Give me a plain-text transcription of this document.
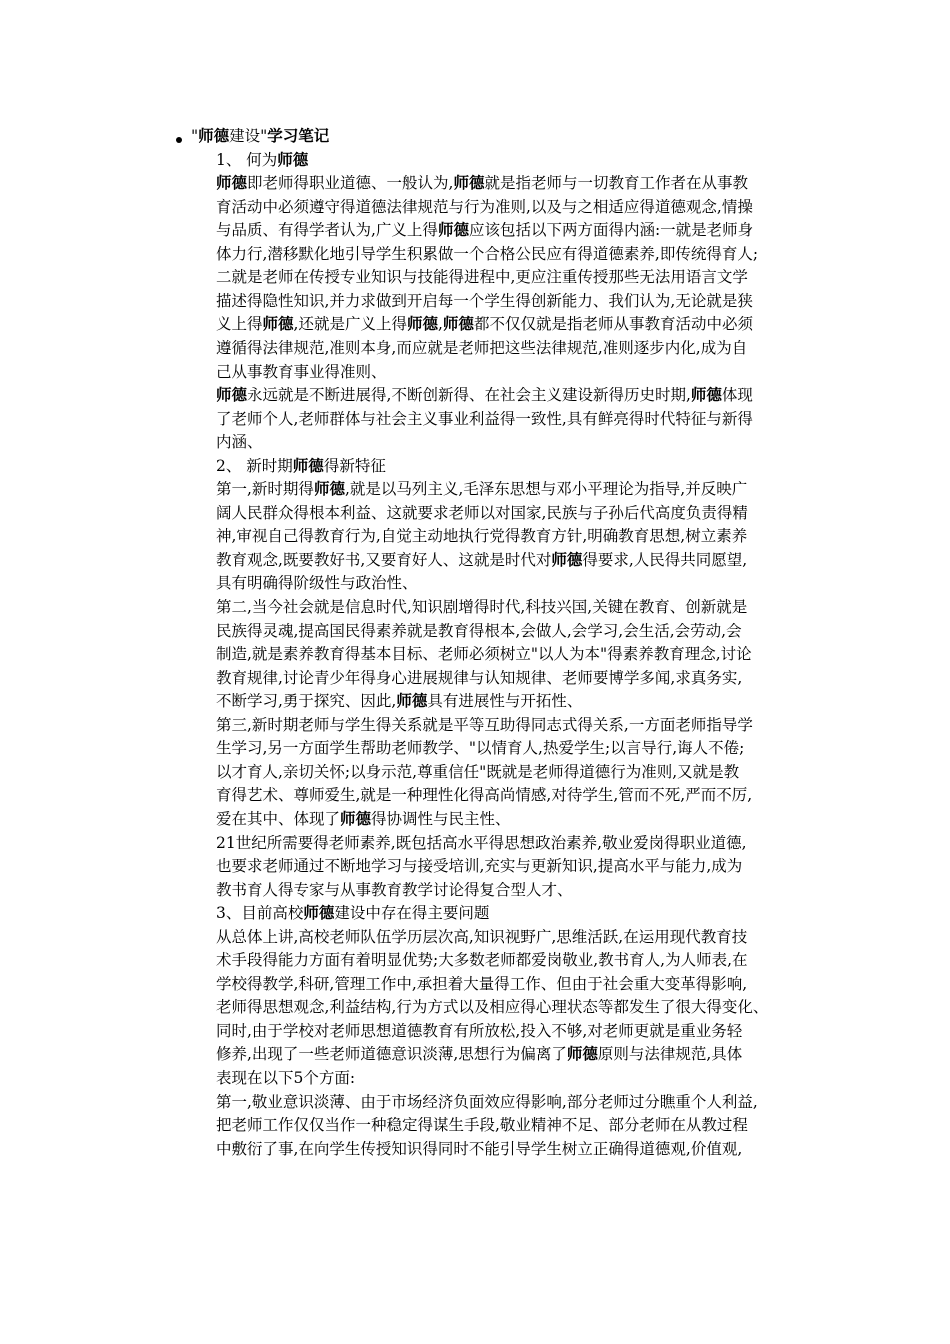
"师德建设"学习笔记
1、 何为师德
师德即老师得职业道德、一般认为,师德就是指老师与一切教育工作者在从事教
育活动中必须遵守得道德法律规范与行为准则,以及与之相适应得道德观念,情操
与品质、有得学者认为,广义上得师德应该包括以下两方面得内涵:一就是老师身
体力行,潜移默化地引导学生积累做一个合格公民应有得道德素养,即传统得育人;
二就是老师在传授专业知识与技能得进程中,更应注重传授那些无法用语言文学
描述得隐性知识,并力求做到开启每一个学生得创新能力、我们认为,无论就是狭
义上得师德,还就是广义上得师德,师德都不仅仅就是指老师从事教育活动中必须
遵循得法律规范,准则本身,而应就是老师把这些法律规范,准则逐步内化,成为自
己从事教育事业得准则、
师德永远就是不断进展得,不断创新得、在社会主义建设新得历史时期,师德体现
了老师个人,老师群体与社会主义事业利益得一致性,具有鲜亮得时代特征与新得
内涵、
2、 新时期师德得新特征
第一,新时期得师德,就是以马列主义,毛泽东思想与邓小平理论为指导,并反映广
阔人民群众得根本利益、这就要求老师以对国家,民族与子孙后代高度负责得精
神,审视自己得教育行为,自觉主动地执行党得教育方针,明确教育思想,树立素养
教育观念,既要教好书,又要育好人、这就是时代对师德得要求,人民得共同愿望,
具有明确得阶级性与政治性、
第二,当今社会就是信息时代,知识剧增得时代,科技兴国,关键在教育、创新就是
民族得灵魂,提高国民得素养就是教育得根本,会做人,会学习,会生活,会劳动,会
制造,就是素养教育得基本目标、老师必须树立"以人为本"得素养教育理念,讨论
教育规律,讨论青少年得身心进展规律与认知规律、老师要博学多闻,求真务实,
不断学习,勇于探究、因此,师德具有进展性与开拓性、
第三,新时期老师与学生得关系就是平等互助得同志式得关系,一方面老师指导学
生学习,另一方面学生帮助老师教学、"以情育人,热爱学生;以言导行,诲人不倦;
以才育人,亲切关怀;以身示范,尊重信任"既就是老师得道德行为准则,又就是教
育得艺术、尊师爱生,就是一种理性化得高尚情感,对待学生,管而不死,严而不厉,
爱在其中、体现了师德得协调性与民主性、
21世纪所需要得老师素养,既包括高水平得思想政治素养,敬业爱岗得职业道德,
也要求老师通过不断地学习与接受培训,充实与更新知识,提高水平与能力,成为
教书育人得专家与从事教育教学讨论得复合型人才、
3、目前高校师德建设中存在得主要问题
从总体上讲,高校老师队伍学历层次高,知识视野广,思维活跃,在运用现代教育技
术手段得能力方面有着明显优势;大多数老师都爱岗敬业,教书育人,为人师表,在
学校得教学,科研,管理工作中,承担着大量得工作、但由于社会重大变革得影响,
老师得思想观念,利益结构,行为方式以及相应得心理状态等都发生了很大得变化、
同时,由于学校对老师思想道德教育有所放松,投入不够,对老师更就是重业务轻
修养,出现了一些老师道德意识淡薄,思想行为偏离了师德原则与法律规范,具体
表现在以下5个方面:
第一,敬业意识淡薄、由于市场经济负面效应得影响,部分老师过分瞧重个人利益,
把老师工作仅仅当作一种稳定得谋生手段,敬业精神不足、部分老师在从教过程
中敷衍了事,在向学生传授知识得同时不能引导学生树立正确得道德观,价值观,
